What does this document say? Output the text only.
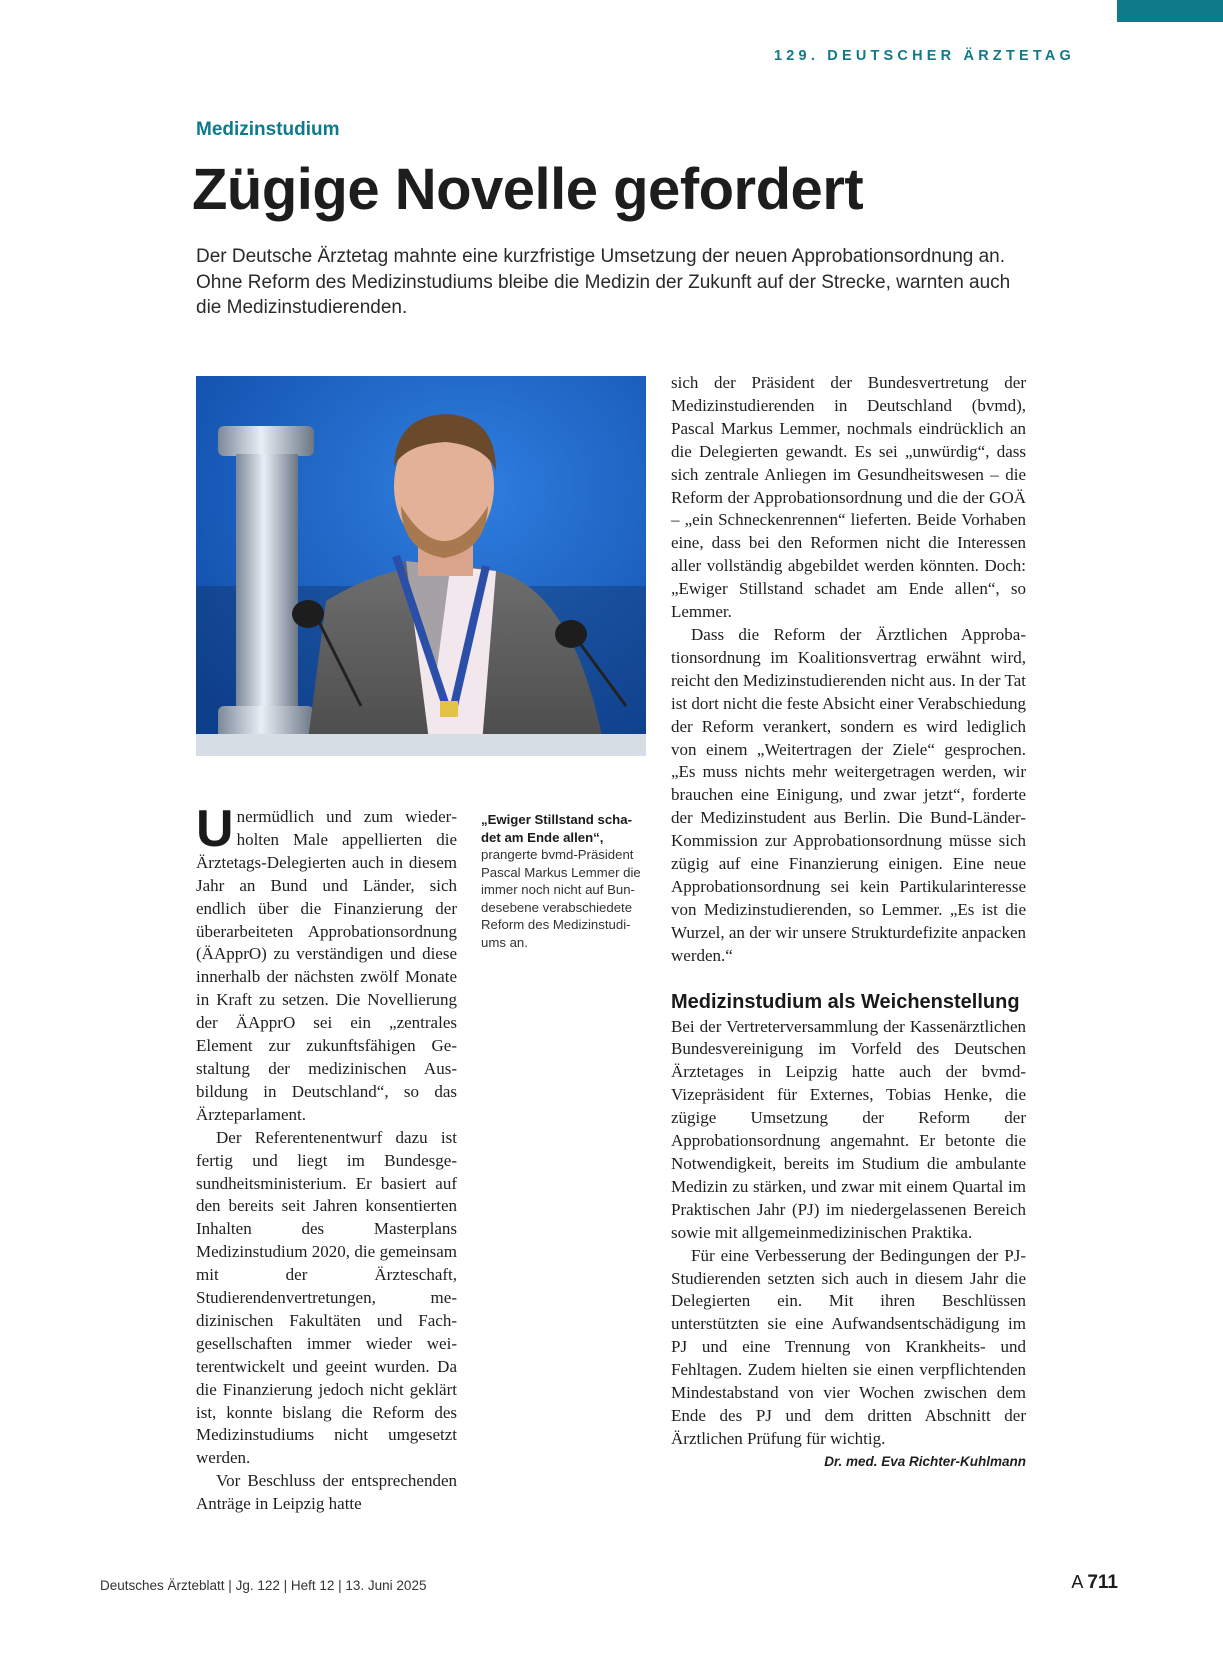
129. DEUTSCHER ÄRZTETAG
Medizinstudium
Zügige Novelle gefordert

Der Deutsche Ärztetag mahnte eine kurzfristige Umsetzung der neuen Approbationsordnung an. Ohne Reform des Medizinstudiums bleibe die Medizin der Zukunft auf der Strecke, warnten auch die Medizinstudierenden.

„Ewiger Stillstand schadet am Ende allen“,
prangerte bvmd-Präsident Pascal Markus Lemmer die immer noch nicht auf Bundesebene verabschiedete Reform des Medizinstudiums an.

Unermüdlich und zum wiederholten Male appellierten die Ärztetags-Delegierten auch in diesem Jahr an Bund und Länder, sich endlich über die Finanzierung der überarbeiteten Approbationsordnung (ÄApprO) zu verständigen und diese innerhalb der nächsten zwölf Monate in Kraft zu setzen. Die Novellierung der ÄApprO sei ein „zentrales Element zur zukunftsfähigen Gestaltung der medizinischen Ausbildung in Deutschland“, so das Ärzteparlament.

Der Referentenentwurf dazu ist fertig und liegt im Bundesgesundheitsministerium. Er basiert auf den bereits seit Jahren konsentierten Inhalten des Masterplans Medizinstudium 2020, die gemeinsam mit der Ärzteschaft, Studierendenvertretungen, medizinischen Fakultäten und Fachgesellschaften immer wieder weiterentwickelt und geeint wurden. Da die Finanzierung jedoch nicht geklärt ist, konnte bislang die Reform des Medizinstudiums nicht umgesetzt werden.

Vor Beschluss der entsprechenden Anträge in Leipzig hatte

sich der Präsident der Bundesvertretung der Medizinstudierenden in Deutschland (bvmd), Pascal Markus Lemmer, nochmals eindrücklich an die Delegierten gewandt. Es sei „unwürdig“, dass sich zentrale Anliegen im Gesundheitswesen – die Reform der Approbationsordnung und die der GOÄ – „ein Schneckenrennen“ lieferten. Beide Vorhaben eine, dass bei den Reformen nicht die Interessen aller vollständig abgebildet werden könnten. Doch: „Ewiger Stillstand schadet am Ende allen“, so Lemmer.

Dass die Reform der Ärztlichen Approbationsordnung im Koalitionsvertrag erwähnt wird, reicht den Medizinstudierenden nicht aus. In der Tat ist dort nicht die feste Absicht einer Verabschiedung der Reform verankert, sondern es wird lediglich von einem „Weitertragen der Ziele“ gesprochen. „Es muss nichts mehr weitergetragen werden, wir brauchen eine Einigung, und zwar jetzt“, forderte der Medizinstudent aus Berlin. Die Bund-Länder-Kommission zur Approbationsordnung müsse sich zügig auf eine Finanzierung einigen. Eine neue Approbationsordnung sei kein Partikularinteresse von Medizinstudierenden, so Lemmer. „Es ist die Wurzel, an der wir unsere Strukturdefizite anpacken werden.“

Medizinstudium als Weichenstellung

Bei der Vertreterversammlung der Kassenärztlichen Bundesvereinigung im Vorfeld des Deutschen Ärztetages in Leipzig hatte auch der bvmd-Vizepräsident für Externes, Tobias Henke, die zügige Umsetzung der Reform der Approbationsordnung angemahnt. Er betonte die Notwendigkeit, bereits im Studium die ambulante Medizin zu stärken, und zwar mit einem Quartal im Praktischen Jahr (PJ) im niedergelassenen Bereich sowie mit allgemeinmedizinischen Praktika.

Für eine Verbesserung der Bedingungen der PJ-Studierenden setzten sich auch in diesem Jahr die Delegierten ein. Mit ihren Beschlüssen unterstützten sie eine Aufwandsentschädigung im PJ und eine Trennung von Krankheits- und Fehltagen. Zudem hielten sie einen verpflichtenden Mindestabstand von vier Wochen zwischen dem Ende des PJ und dem dritten Abschnitt der Ärztlichen Prüfung für wichtig.
Dr. med. Eva Richter-Kuhlmann

Deutsches Ärzteblatt | Jg. 122 | Heft 12 | 13. Juni 2025	A 711
